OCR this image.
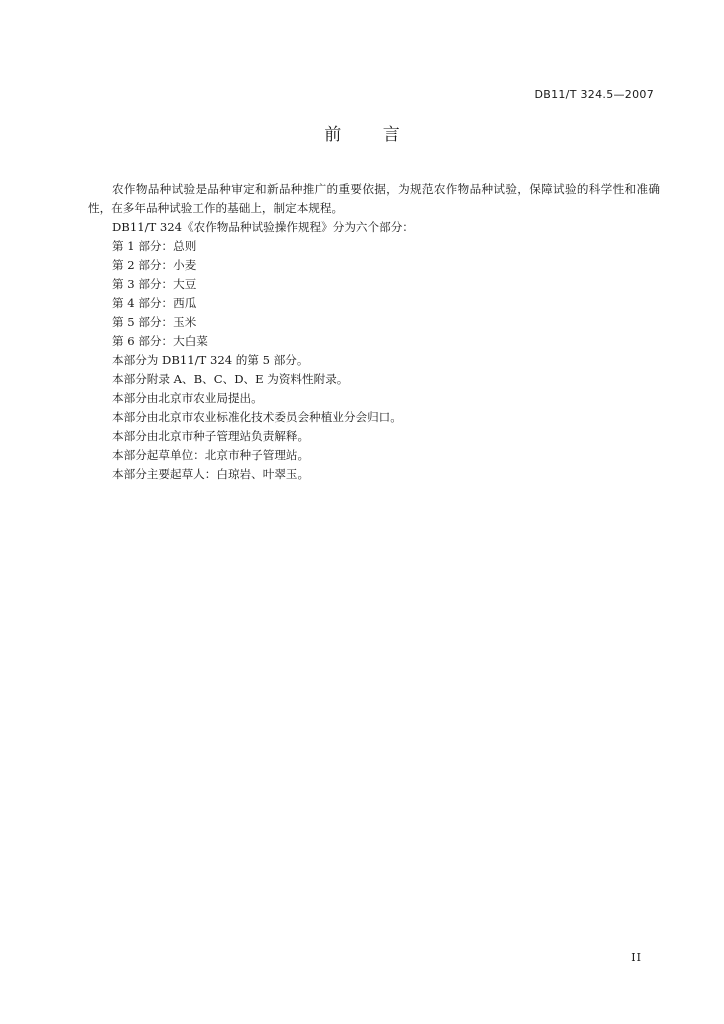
DB11/T 324.5—2007
前 言

农作物品种试验是品种审定和新品种推广的重要依据，为规范农作物品种试验，保障试验的科学性和准确性，在多年品种试验工作的基础上，制定本规程。

DB11/T 324《农作物品种试验操作规程》分为六个部分：

第 1 部分：总则

第 2 部分：小麦

第 3 部分：大豆

第 4 部分：西瓜

第 5 部分：玉米

第 6 部分：大白菜

本部分为 DB11/T 324 的第 5 部分。

本部分附录 A、B、C、D、E 为资料性附录。

本部分由北京市农业局提出。

本部分由北京市农业标准化技术委员会种植业分会归口。

本部分由北京市种子管理站负责解释。

本部分起草单位：北京市种子管理站。

本部分主要起草人：白琼岩、叶翠玉。

II
